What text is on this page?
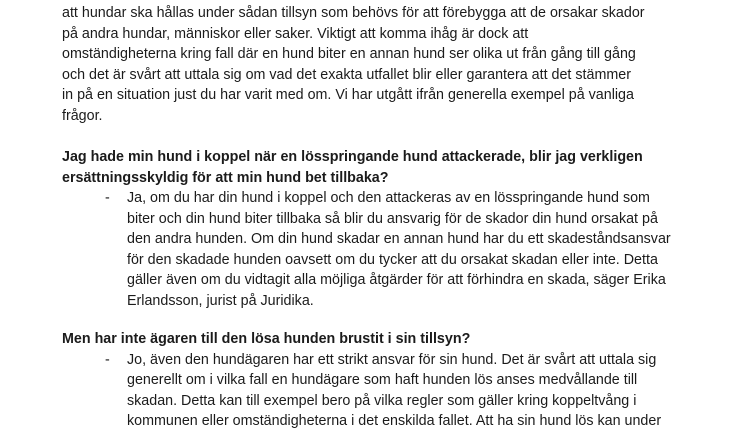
att hundar ska hållas under sådan tillsyn som behövs för att förebygga att de orsakar skador
på andra hundar, människor eller saker. Viktigt att komma ihåg är dock att
omständigheterna kring fall där en hund biter en annan hund ser olika ut från gång till gång
och det är svårt att uttala sig om vad det exakta utfallet blir eller garantera att det stämmer
in på en situation just du har varit med om. Vi har utgått ifrån generella exempel på vanliga
frågor.
Jag hade min hund i koppel när en lösspringande hund attackerade, blir jag verkligen
ersättningsskyldig för att min hund bet tillbaka?
-	Ja, om du har din hund i koppel och den attackeras av en lösspringande hund som
biter och din hund biter tillbaka så blir du ansvarig för de skador din hund orsakat på
den andra hunden. Om din hund skadar en annan hund har du ett skadeståndsansvar
för den skadade hunden oavsett om du tycker att du orsakat skadan eller inte. Detta
gäller även om du vidtagit alla möjliga åtgärder för att förhindra en skada, säger Erika
Erlandsson, jurist på Juridika.
Men har inte ägaren till den lösa hunden brustit i sin tillsyn?
-	Jo, även den hundägaren har ett strikt ansvar för sin hund. Det är svårt att uttala sig
generellt om i vilka fall en hundägare som haft hunden lös anses medvållande till
skadan. Detta kan till exempel bero på vilka regler som gäller kring koppeltvång i
kommunen eller omständigheterna i det enskilda fallet. Att ha sin hund lös kan under
